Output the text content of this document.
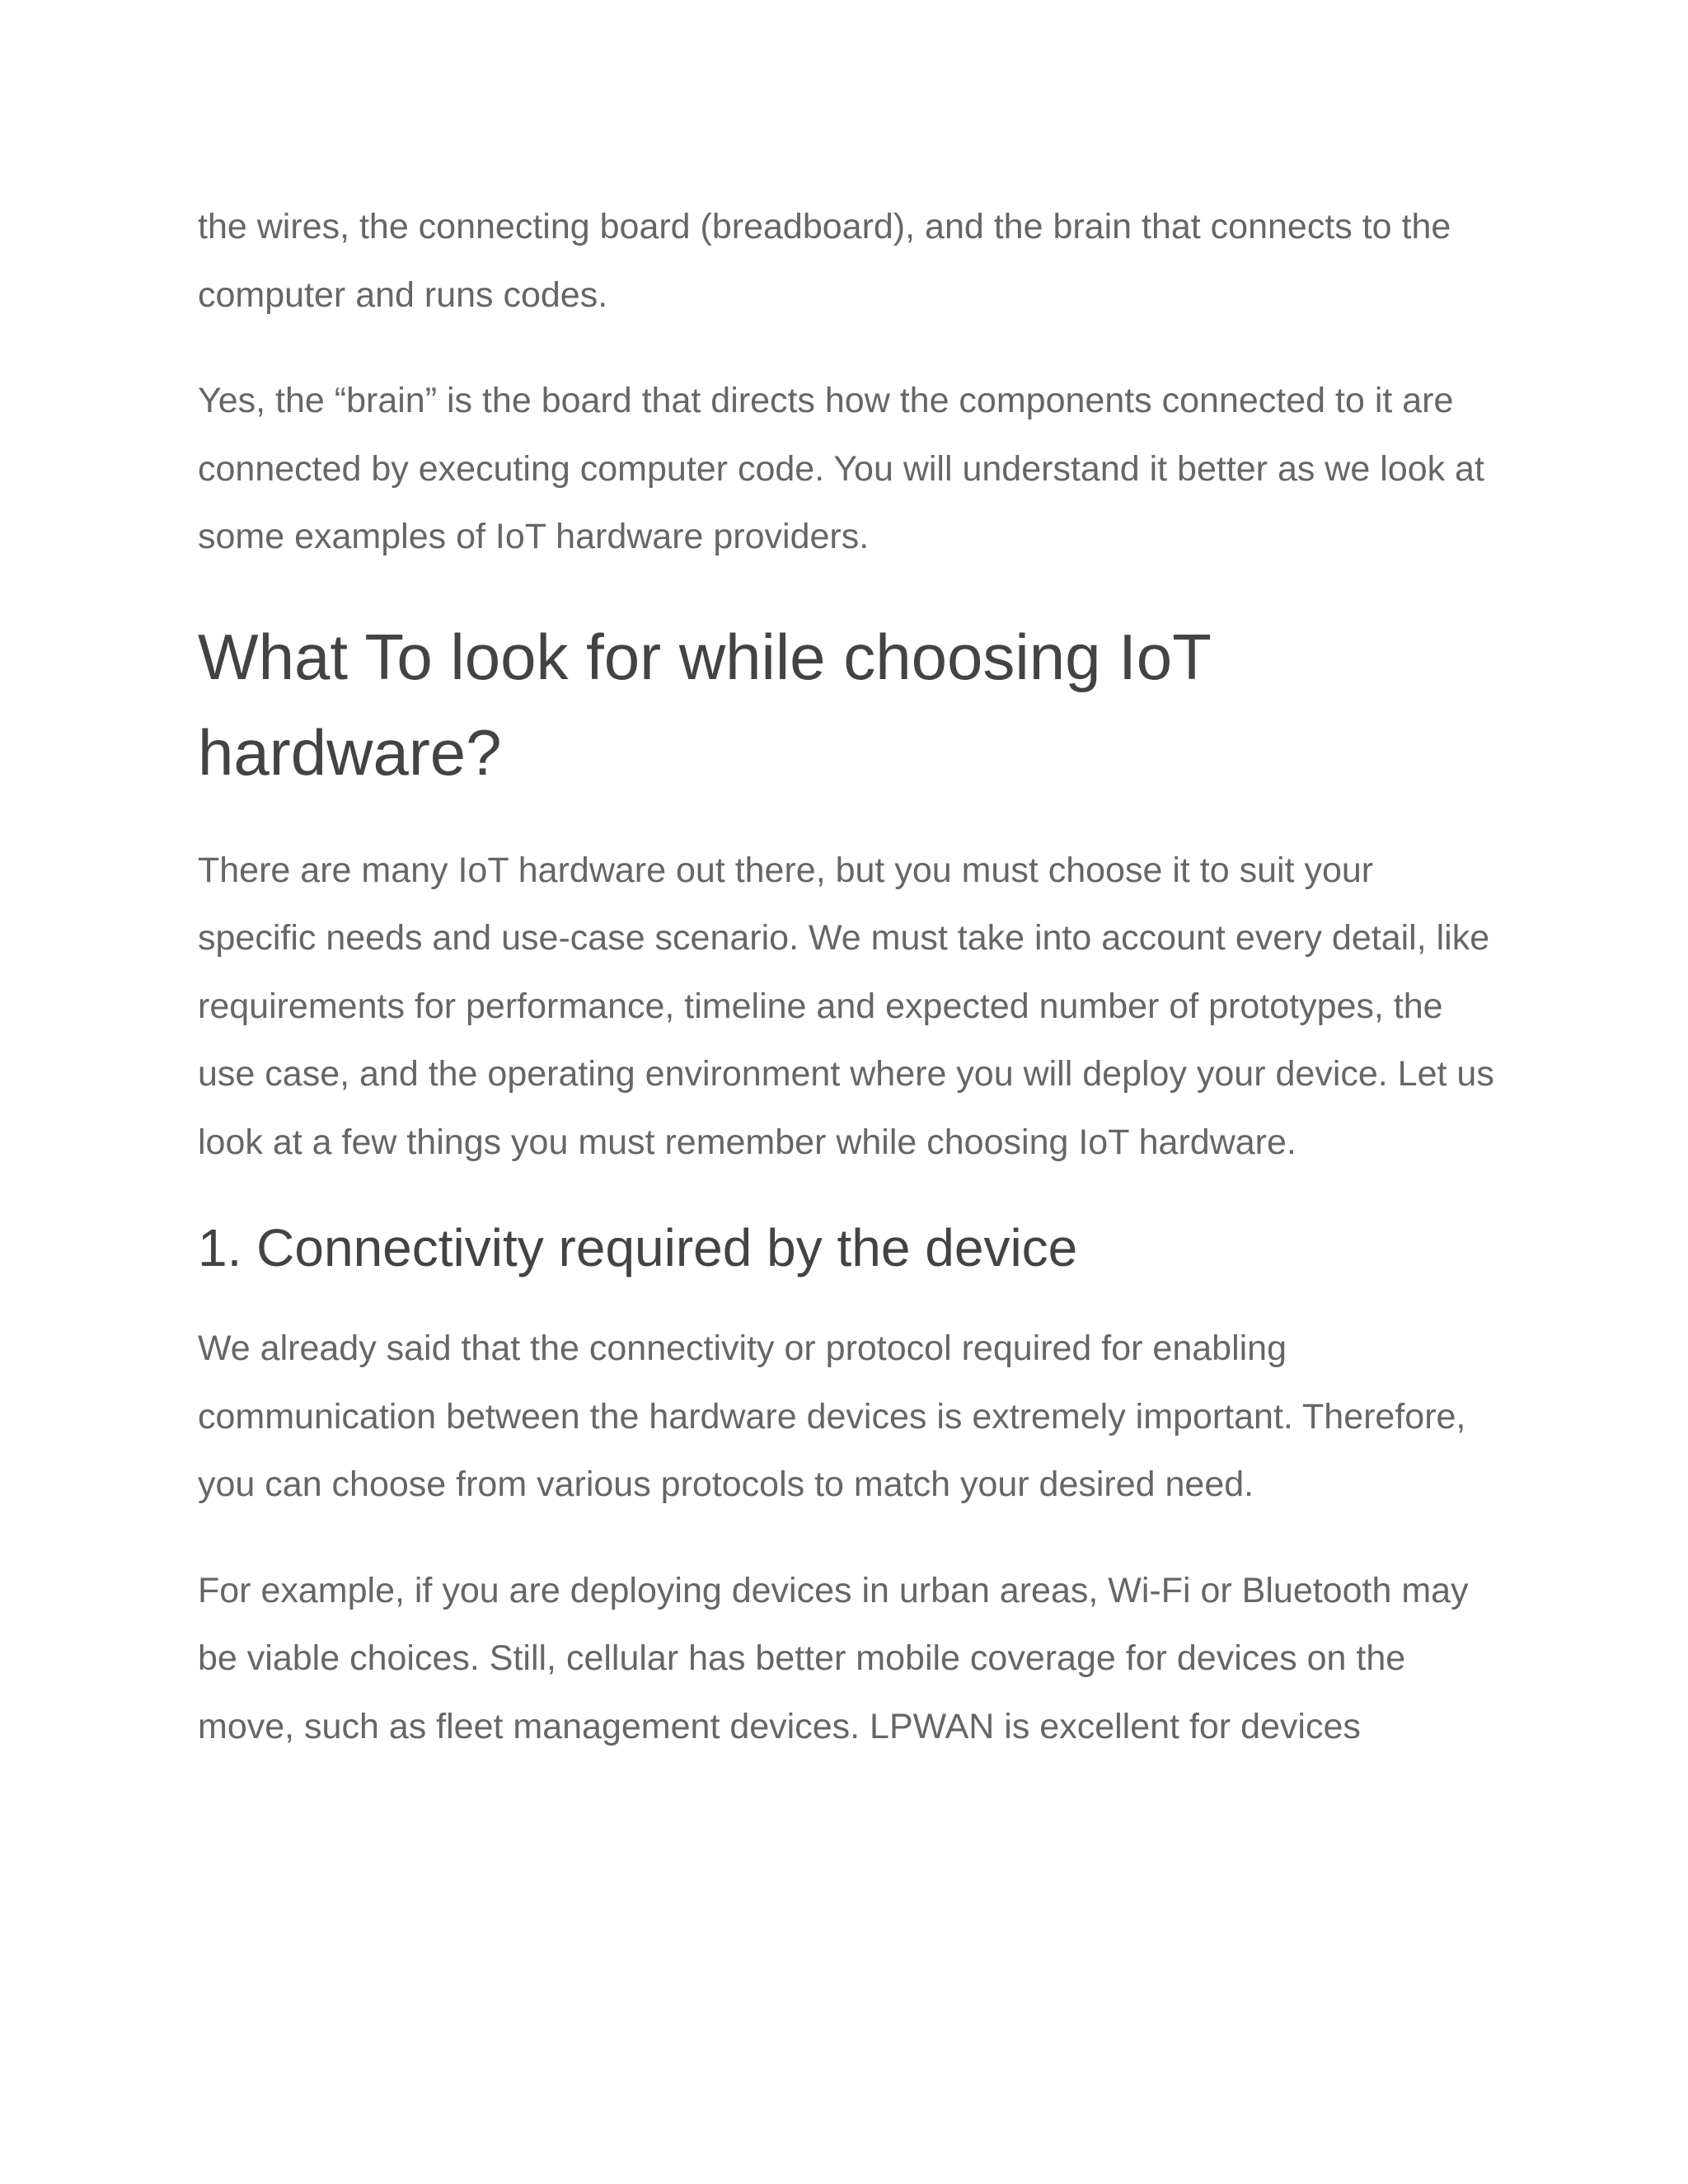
the wires, the connecting board (breadboard), and the brain that connects to the computer and runs codes.

Yes, the “brain” is the board that directs how the components connected to it are connected by executing computer code. You will understand it better as we look at some examples of IoT hardware providers.

What To look for while choosing IoT hardware?

There are many IoT hardware out there, but you must choose it to suit your specific needs and use-case scenario. We must take into account every detail, like requirements for performance, timeline and expected number of prototypes, the use case, and the operating environment where you will deploy your device. Let us look at a few things you must remember while choosing IoT hardware.

1. Connectivity required by the device

We already said that the connectivity or protocol required for enabling communication between the hardware devices is extremely important. Therefore, you can choose from various protocols to match your desired need.

For example, if you are deploying devices in urban areas, Wi-Fi or Bluetooth may be viable choices. Still, cellular has better mobile coverage for devices on the move, such as fleet management devices. LPWAN is excellent for devices
